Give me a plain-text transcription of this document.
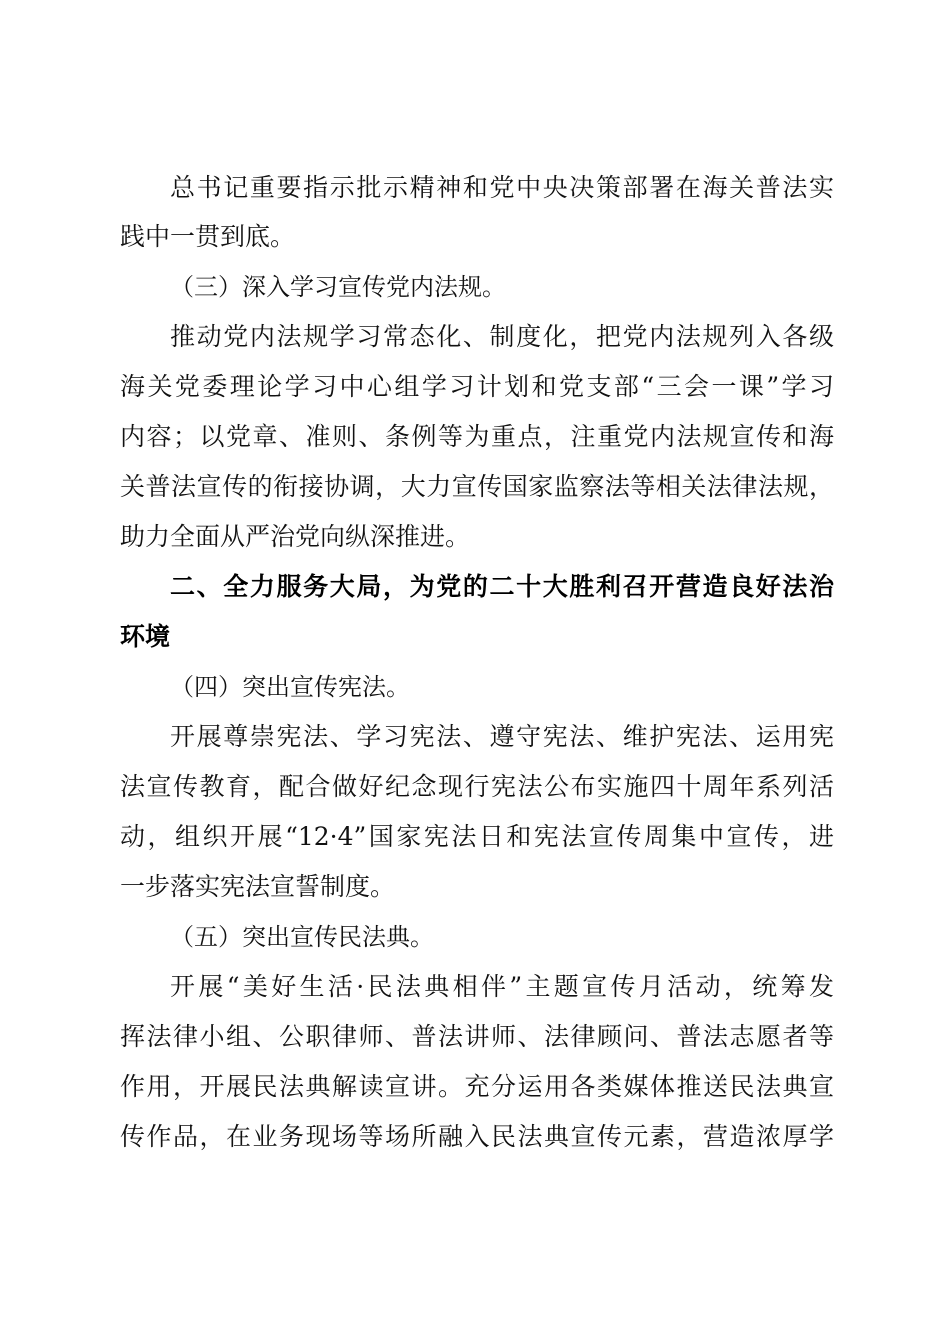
总书记重要指示批示精神和党中央决策部署在海关普法实
践中一贯到底。
（三）深入学习宣传党内法规。
推动党内法规学习常态化、制度化，把党内法规列入各级
海关党委理论学习中心组学习计划和党支部“三会一课”学习
内容；以党章、准则、条例等为重点，注重党内法规宣传和海
关普法宣传的衔接协调，大力宣传国家监察法等相关法律法规，
助力全面从严治党向纵深推进。
二、全力服务大局，为党的二十大胜利召开营造良好法治
环境
（四）突出宣传宪法。
开展尊崇宪法、学习宪法、遵守宪法、维护宪法、运用宪
法宣传教育，配合做好纪念现行宪法公布实施四十周年系列活
动，组织开展“12·4”国家宪法日和宪法宣传周集中宣传，进
一步落实宪法宣誓制度。
（五）突出宣传民法典。
开展“美好生活·民法典相伴”主题宣传月活动，统筹发
挥法律小组、公职律师、普法讲师、法律顾问、普法志愿者等
作用，开展民法典解读宣讲。充分运用各类媒体推送民法典宣
传作品，在业务现场等场所融入民法典宣传元素，营造浓厚学
